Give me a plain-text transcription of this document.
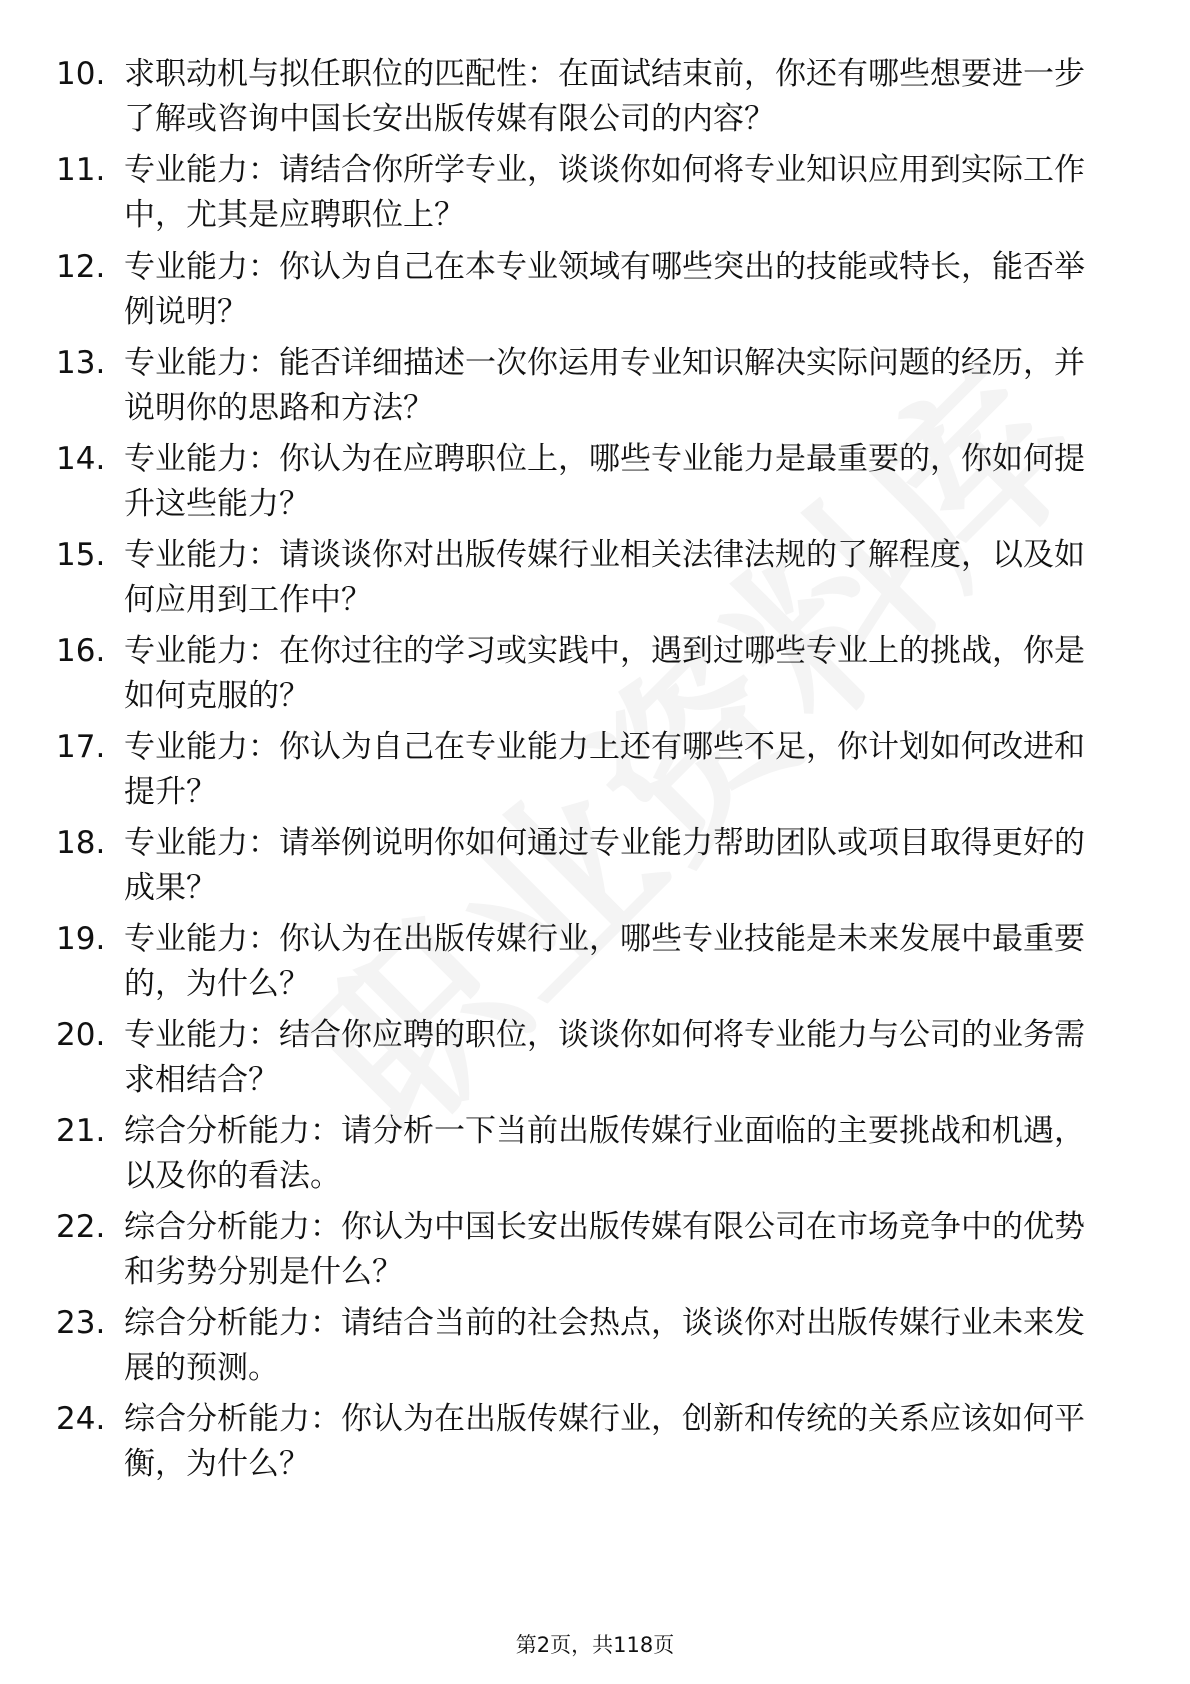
10. 求职动机与拟任职位的匹配性：在面试结束前，你还有哪些想要进一步了解或咨询中国长安出版传媒有限公司的内容？
11. 专业能力：请结合你所学专业，谈谈你如何将专业知识应用到实际工作中，尤其是应聘职位上？
12. 专业能力：你认为自己在本专业领域有哪些突出的技能或特长，能否举例说明？
13. 专业能力：能否详细描述一次你运用专业知识解决实际问题的经历，并说明你的思路和方法？
14. 专业能力：你认为在应聘职位上，哪些专业能力是最重要的，你如何提升这些能力？
15. 专业能力：请谈谈你对出版传媒行业相关法律法规的了解程度，以及如何应用到工作中？
16. 专业能力：在你过往的学习或实践中，遇到过哪些专业上的挑战，你是如何克服的？
17. 专业能力：你认为自己在专业能力上还有哪些不足，你计划如何改进和提升？
18. 专业能力：请举例说明你如何通过专业能力帮助团队或项目取得更好的成果？
19. 专业能力：你认为在出版传媒行业，哪些专业技能是未来发展中最重要的，为什么？
20. 专业能力：结合你应聘的职位，谈谈你如何将专业能力与公司的业务需求相结合？
21. 综合分析能力：请分析一下当前出版传媒行业面临的主要挑战和机遇，以及你的看法。
22. 综合分析能力：你认为中国长安出版传媒有限公司在市场竞争中的优势和劣势分别是什么？
23. 综合分析能力：请结合当前的社会热点，谈谈你对出版传媒行业未来发展的预测。
24. 综合分析能力：你认为在出版传媒行业，创新和传统的关系应该如何平衡，为什么？
第2页，共118页
